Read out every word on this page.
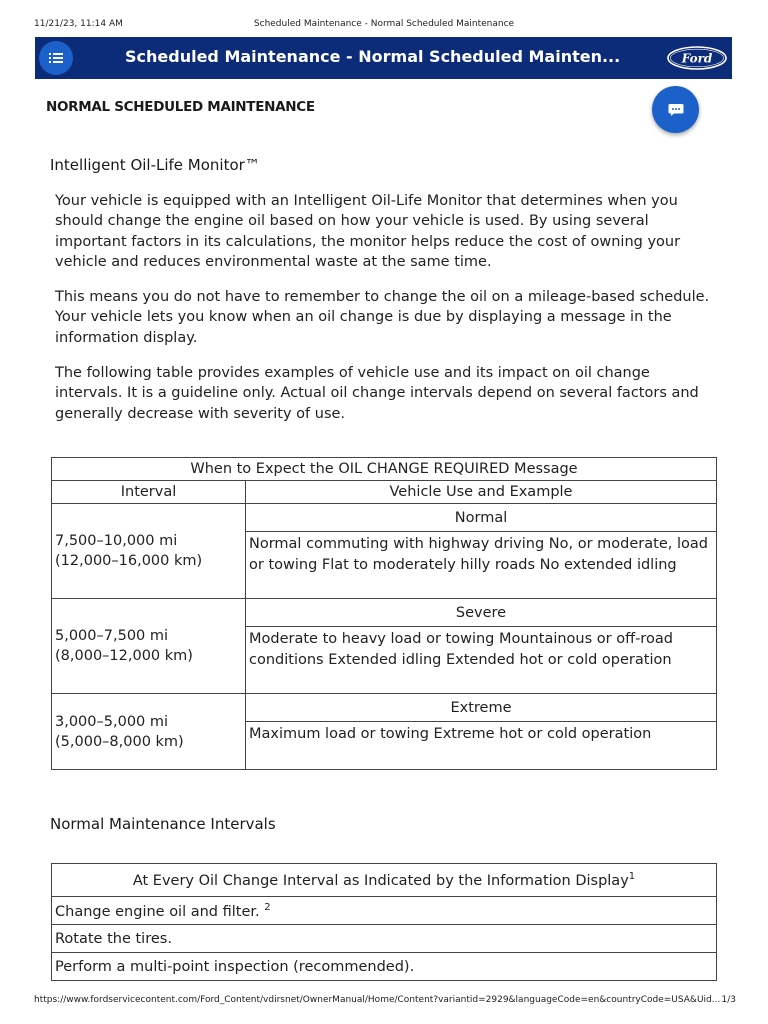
11/21/23, 11:14 AM	Scheduled Maintenance - Normal Scheduled Maintenance
Scheduled Maintenance - Normal Scheduled Mainten...	Ford
NORMAL SCHEDULED MAINTENANCE
Intelligent Oil-Life Monitor™

Your vehicle is equipped with an Intelligent Oil-Life Monitor that determines when you should change the engine oil based on how your vehicle is used. By using several important factors in its calculations, the monitor helps reduce the cost of owning your vehicle and reduces environmental waste at the same time.

This means you do not have to remember to change the oil on a mileage-based schedule. Your vehicle lets you know when an oil change is due by displaying a message in the information display.

The following table provides examples of vehicle use and its impact on oil change intervals. It is a guideline only. Actual oil change intervals depend on several factors and generally decrease with severity of use.

When to Expect the OIL CHANGE REQUIRED Message	
Interval	Vehicle Use and Example

7,500–10,000 mi
(12,000–16,000 km)	Normal
	Normal commuting with highway driving No, or moderate, load or towing Flat to moderately hilly roads No extended idling

5,000–7,500 mi
(8,000–12,000 km)	Severe
	Moderate to heavy load or towing Mountainous or off-road conditions Extended idling Extended hot or cold operation

3,000–5,000 mi
(5,000–8,000 km)	Extreme
	Maximum load or towing Extreme hot or cold operation
Normal Maintenance Intervals
At Every Oil Change Interval as Indicated by the Information Display$^1$
Change engine oil and filter. $^2$
Rotate the tires.
Perform a multi-point inspection (recommended).
https://www.fordservicecontent.com/Ford_Content/vdirsnet/OwnerManual/Home/Content?variantid=2929&languageCode=en&countryCode=USA&Uid... 1/3
